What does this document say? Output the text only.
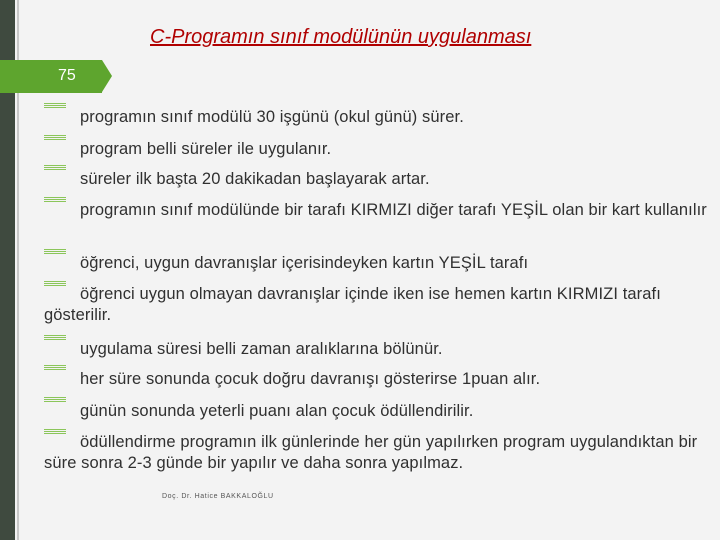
C-Programın sınıf modülünün uygulanması
75
programın sınıf modülü 30 işgünü (okul günü) sürer.
program belli süreler ile uygulanır.
süreler ilk başta 20 dakikadan başlayarak artar.
programın sınıf modülünde bir tarafı KIRMIZI diğer tarafı YEŞİL olan bir kart kullanılır
öğrenci, uygun davranışlar içerisindeyken kartın YEŞİL tarafı
öğrenci uygun olmayan davranışlar içinde iken ise hemen kartın KIRMIZI tarafı gösterilir.
uygulama süresi belli zaman aralıklarına bölünür.
her süre sonunda çocuk doğru davranışı gösterirse 1puan alır.
günün sonunda yeterli puanı alan çocuk ödüllendirilir.
ödüllendirme programın ilk günlerinde her gün yapılırken program uygulandıktan bir süre sonra 2-3 günde bir yapılır ve daha sonra yapılmaz.
Doç. Dr. Hatice BAKKALOĞLU
